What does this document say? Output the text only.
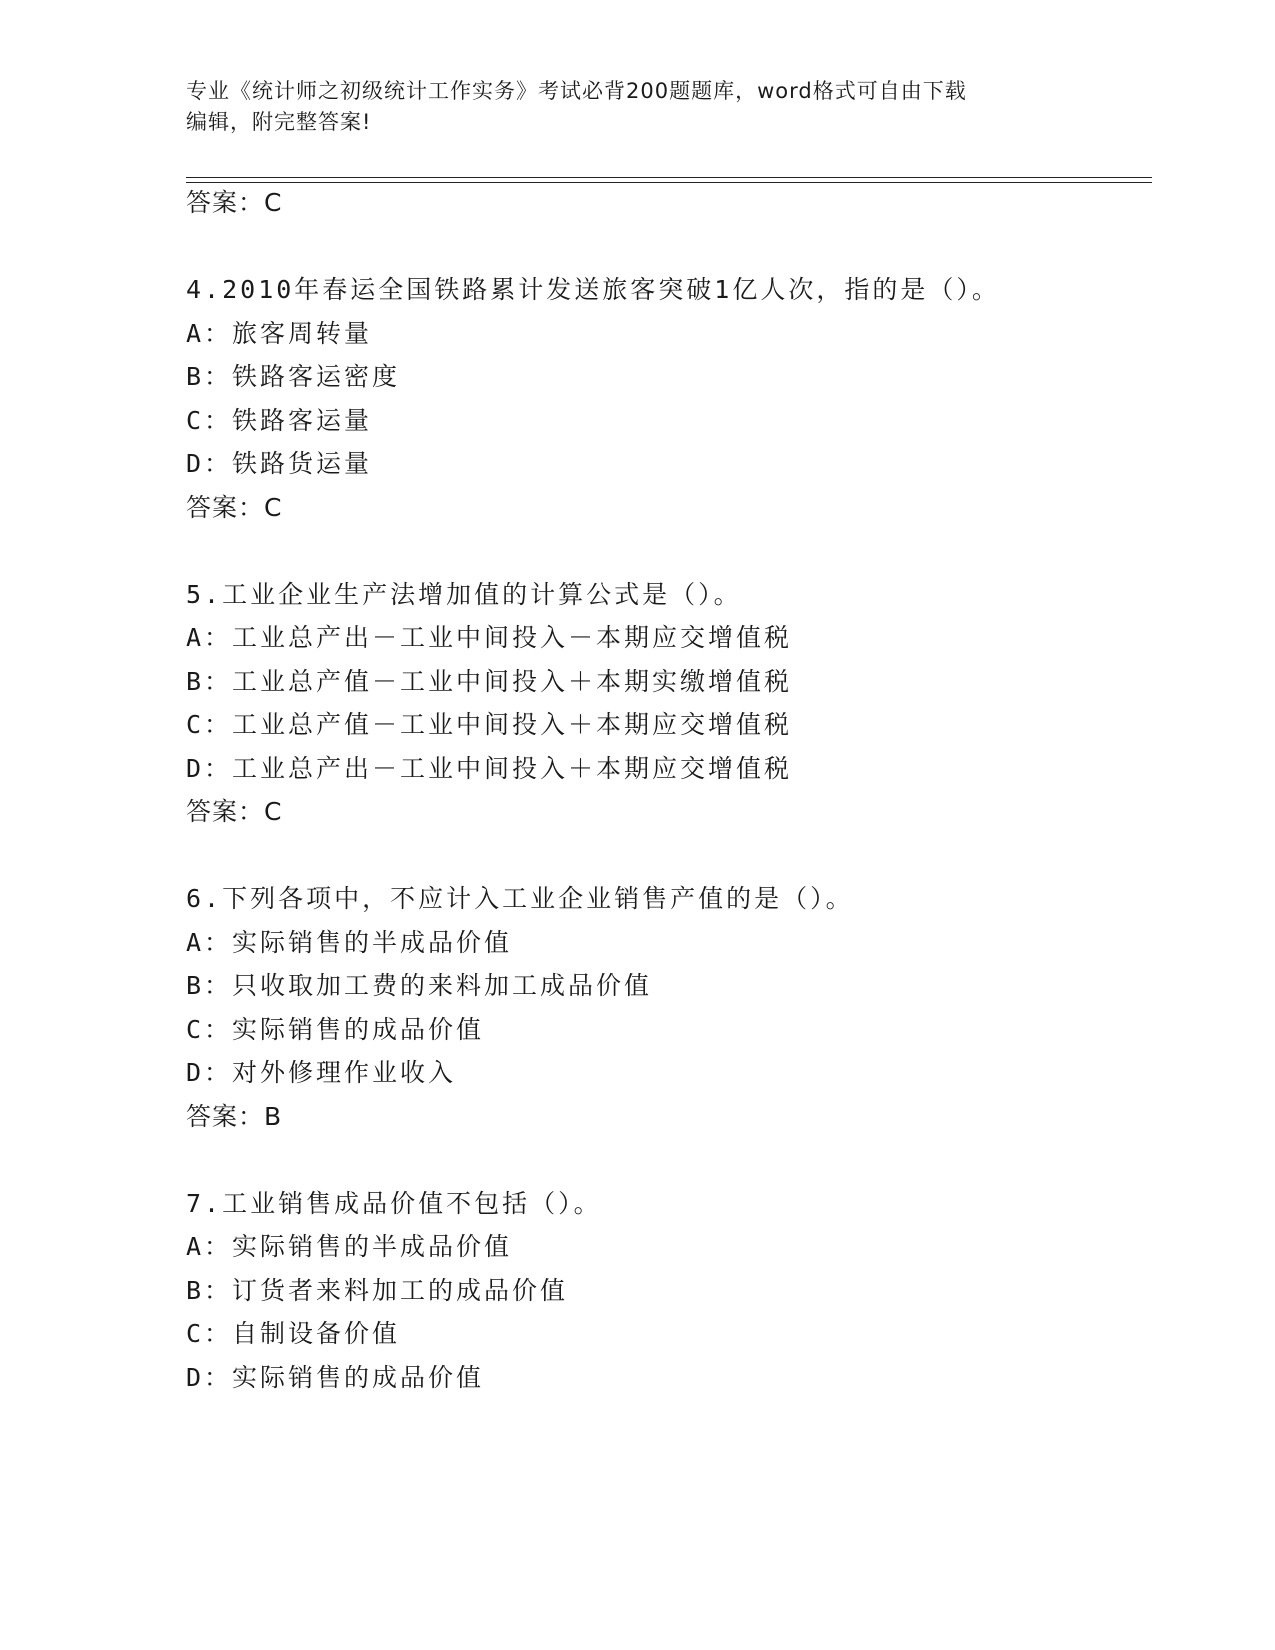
专业《统计师之初级统计工作实务》考试必背200题题库，word格式可自由下载
编辑，附完整答案!
答案：C
4.2010年春运全国铁路累计发送旅客突破1亿人次，指的是（）。
A：旅客周转量
B：铁路客运密度
C：铁路客运量
D：铁路货运量
答案：C
5.工业企业生产法增加值的计算公式是（）。
A：工业总产出－工业中间投入－本期应交增值税
B：工业总产值－工业中间投入＋本期实缴增值税
C：工业总产值－工业中间投入＋本期应交增值税
D：工业总产出－工业中间投入＋本期应交增值税
答案：C
6.下列各项中，不应计入工业企业销售产值的是（）。
A：实际销售的半成品价值
B：只收取加工费的来料加工成品价值
C：实际销售的成品价值
D：对外修理作业收入
答案：B
7.工业销售成品价值不包括（）。
A：实际销售的半成品价值
B：订货者来料加工的成品价值
C：自制设备价值
D：实际销售的成品价值
